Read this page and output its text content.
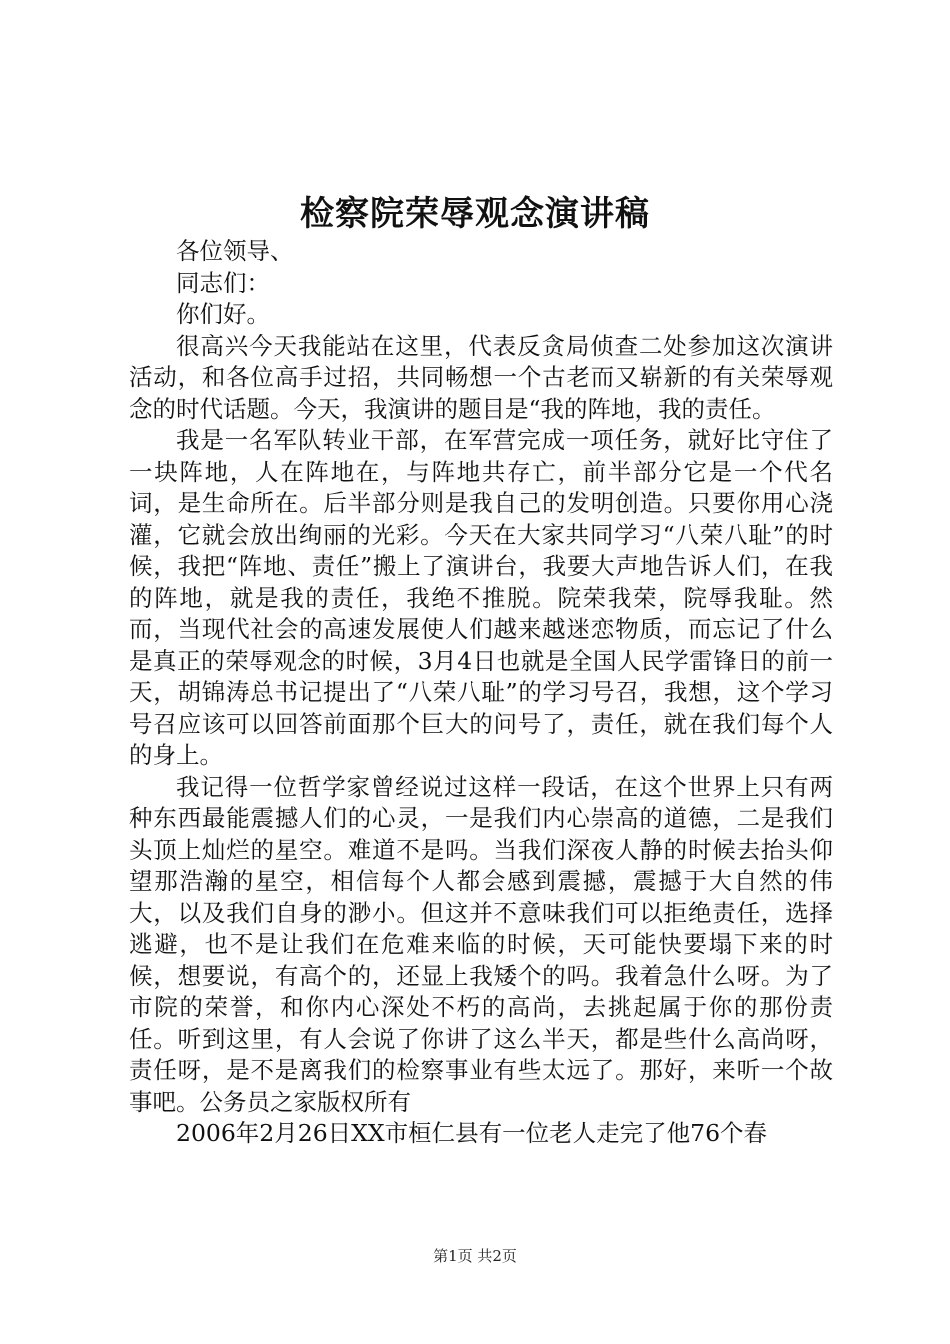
检察院荣辱观念演讲稿

各位领导、

同志们：

你们好。

很高兴今天我能站在这里，代表反贪局侦查二处参加这次演讲活动，和各位高手过招，共同畅想一个古老而又崭新的有关荣辱观念的时代话题。今天，我演讲的题目是“我的阵地，我的责任。

我是一名军队转业干部，在军营完成一项任务，就好比守住了一块阵地，人在阵地在，与阵地共存亡，前半部分它是一个代名词，是生命所在。后半部分则是我自己的发明创造。只要你用心浇灌，它就会放出绚丽的光彩。今天在大家共同学习“八荣八耻”的时候，我把“阵地、责任”搬上了演讲台，我要大声地告诉人们，在我的阵地，就是我的责任，我绝不推脱。院荣我荣，院辱我耻。然而，当现代社会的高速发展使人们越来越迷恋物质，而忘记了什么是真正的荣辱观念的时候，3月4日也就是全国人民学雷锋日的前一天，胡锦涛总书记提出了“八荣八耻”的学习号召，我想，这个学习号召应该可以回答前面那个巨大的问号了，责任，就在我们每个人的身上。

我记得一位哲学家曾经说过这样一段话，在这个世界上只有两种东西最能震撼人们的心灵，一是我们内心崇高的道德，二是我们头顶上灿烂的星空。难道不是吗。当我们深夜人静的时候去抬头仰望那浩瀚的星空，相信每个人都会感到震撼，震撼于大自然的伟大，以及我们自身的渺小。但这并不意味我们可以拒绝责任，选择逃避，也不是让我们在危难来临的时候，天可能快要塌下来的时候，想要说，有高个的，还显上我矮个的吗。我着急什么呀。为了市院的荣誉，和你内心深处不朽的高尚，去挑起属于你的那份责任。听到这里，有人会说了你讲了这么半天，都是些什么高尚呀，责任呀，是不是离我们的检察事业有些太远了。那好，来听一个故事吧。公务员之家版权所有

2006年2月26日XX市桓仁县有一位老人走完了他76个春

第1页 共2页
